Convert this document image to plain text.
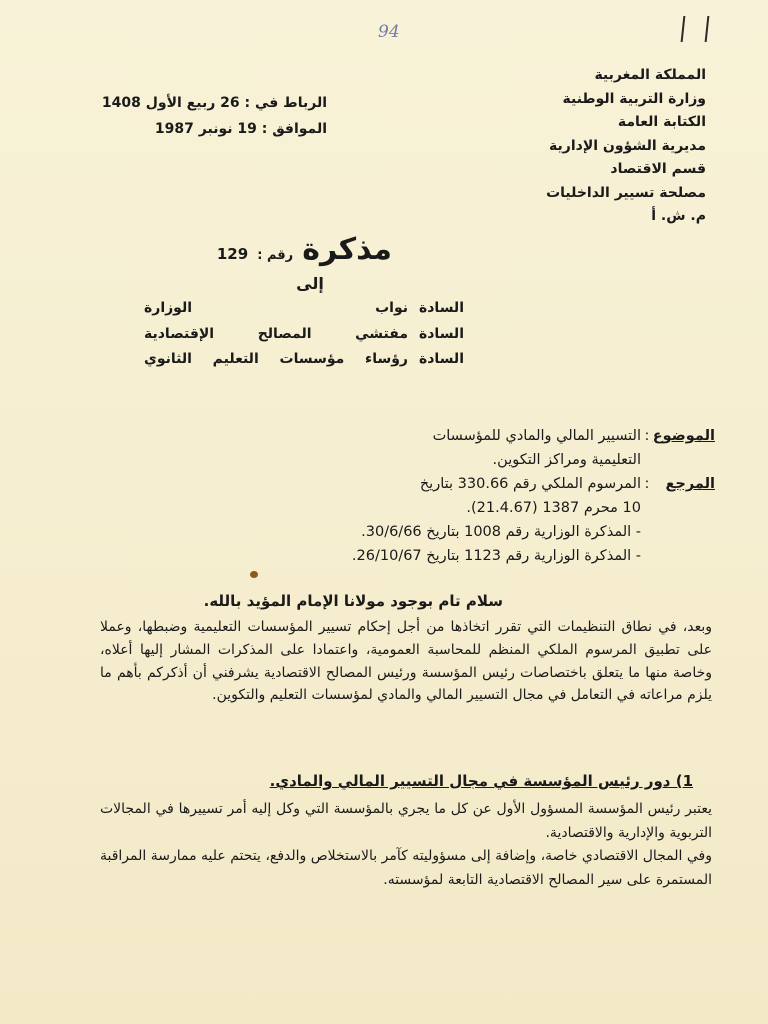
94
المملكة المغربية
وزارة التربية الوطنية
الكتابة العامة
مديرية الشؤون الإدارية
قسم الاقتصاد
مصلحة تسيير الداخليات
م. ش. أ
الرباط في : 26 ربيع الأول 1408
الموافق : 19 نونبر 1987
مذكرة رقم : 129
إلى
السادة
نواب الوزارة
السادة
مفتشي المصالح الإقتصادية
السادة
رؤساء مؤسسات التعليم الثانوي
الموضوع
:
التسيير المالي والمادي للمؤسسات
التعليمية ومراكز التكوين.
المرجع
:
المرسوم الملكي رقم 330.66 بتاريخ
10 محرم 1387 (21.4.67).
- المذكرة الوزارية رقم 1008 بتاريخ 30/6/66.
- المذكرة الوزارية رقم 1123 بتاريخ 26/10/67.
سلام تام بوجود مولانا الإمام المؤيد بالله.

وبعد، في نطاق التنظيمات التي تقرر اتخاذها من أجل إحكام تسيير المؤسسات التعليمية وضبطها، وعملا على تطبيق المرسوم الملكي المنظم للمحاسبة العمومية، واعتمادا على المذكرات المشار إليها أعلاه، وخاصة منها ما يتعلق باختصاصات رئيس المؤسسة ورئيس المصالح الاقتصادية يشرفني أن أذكركم بأهم ما يلزم مراعاته في التعامل في مجال التسيير المالي والمادي لمؤسسات التعليم والتكوين.

1) دور رئيس المؤسسة في مجال التسيير المالي والمادي.

يعتبر رئيس المؤسسة المسؤول الأول عن كل ما يجري بالمؤسسة التي وكل إليه أمر تسييرها في المجالات التربوية والإدارية والاقتصادية.

وفي المجال الاقتصادي خاصة، وإضافة إلى مسؤوليته كآمر بالاستخلاص والدفع، يتحتم عليه ممارسة المراقبة المستمرة على سير المصالح الاقتصادية التابعة لمؤسسته.
